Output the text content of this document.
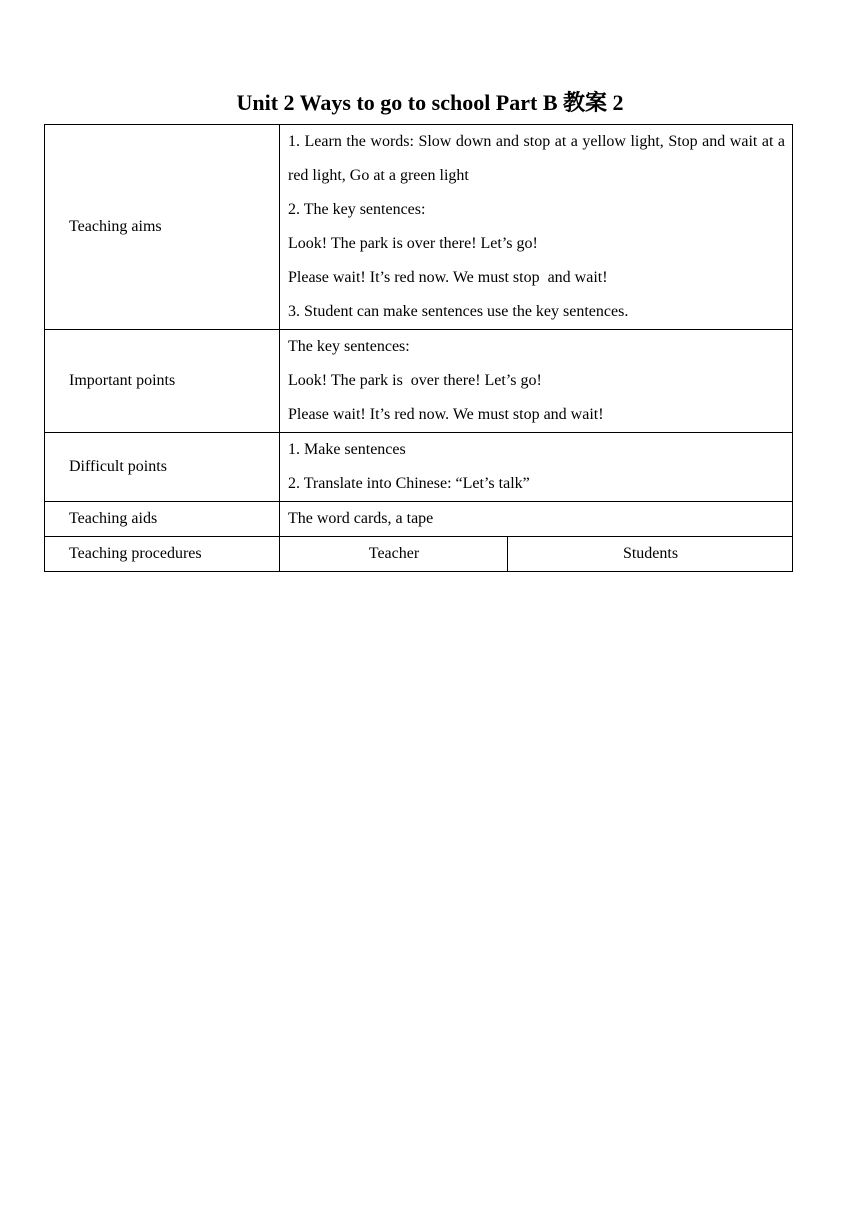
Unit 2 Ways to go to school Part B 教案 2
Teaching aims	1. Learn the words: Slow down and stop at a yellow light, Stop and wait at a red light, Go at a green light
2. The key sentences:
Look! The park is over there! Let’s go!
Please wait! It’s red now. We must stop  and wait!
3. Student can make sentences use the key sentences.	

Important points	The key sentences:
Look! The park is  over there! Let’s go!
Please wait! It’s red now. We must stop and wait!	

Difficult points	1. Make sentences
2. Translate into Chinese: “Let’s talk”	

Teaching aids	The word cards, a tape	
Teaching procedures	Teacher	Students
